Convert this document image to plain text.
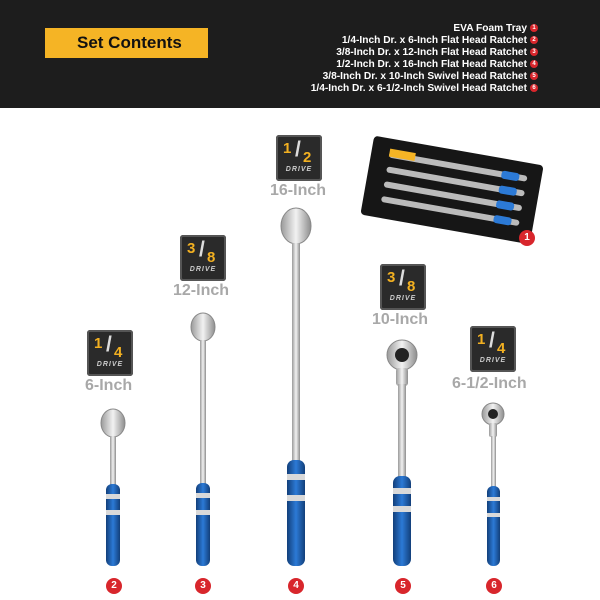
Set Contents
EVA Foam Tray 1
1/4-Inch Dr. x 6-Inch Flat Head Ratchet 2
3/8-Inch Dr. x 12-Inch Flat Head Ratchet 3
1/2-Inch Dr. x 16-Inch Flat Head Ratchet 4
3/8-Inch Dr. x 10-Inch Swivel Head Ratchet 5
1/4-Inch Dr. x 6-1/2-Inch Swivel Head Ratchet 6
1
1 / 4
DRIVE
6-Inch
2
3 / 8
DRIVE
12-Inch
3
1 / 2
DRIVE
16-Inch
4
3 / 8
DRIVE
10-Inch
5
1 / 4
DRIVE
6-1/2-Inch
6
